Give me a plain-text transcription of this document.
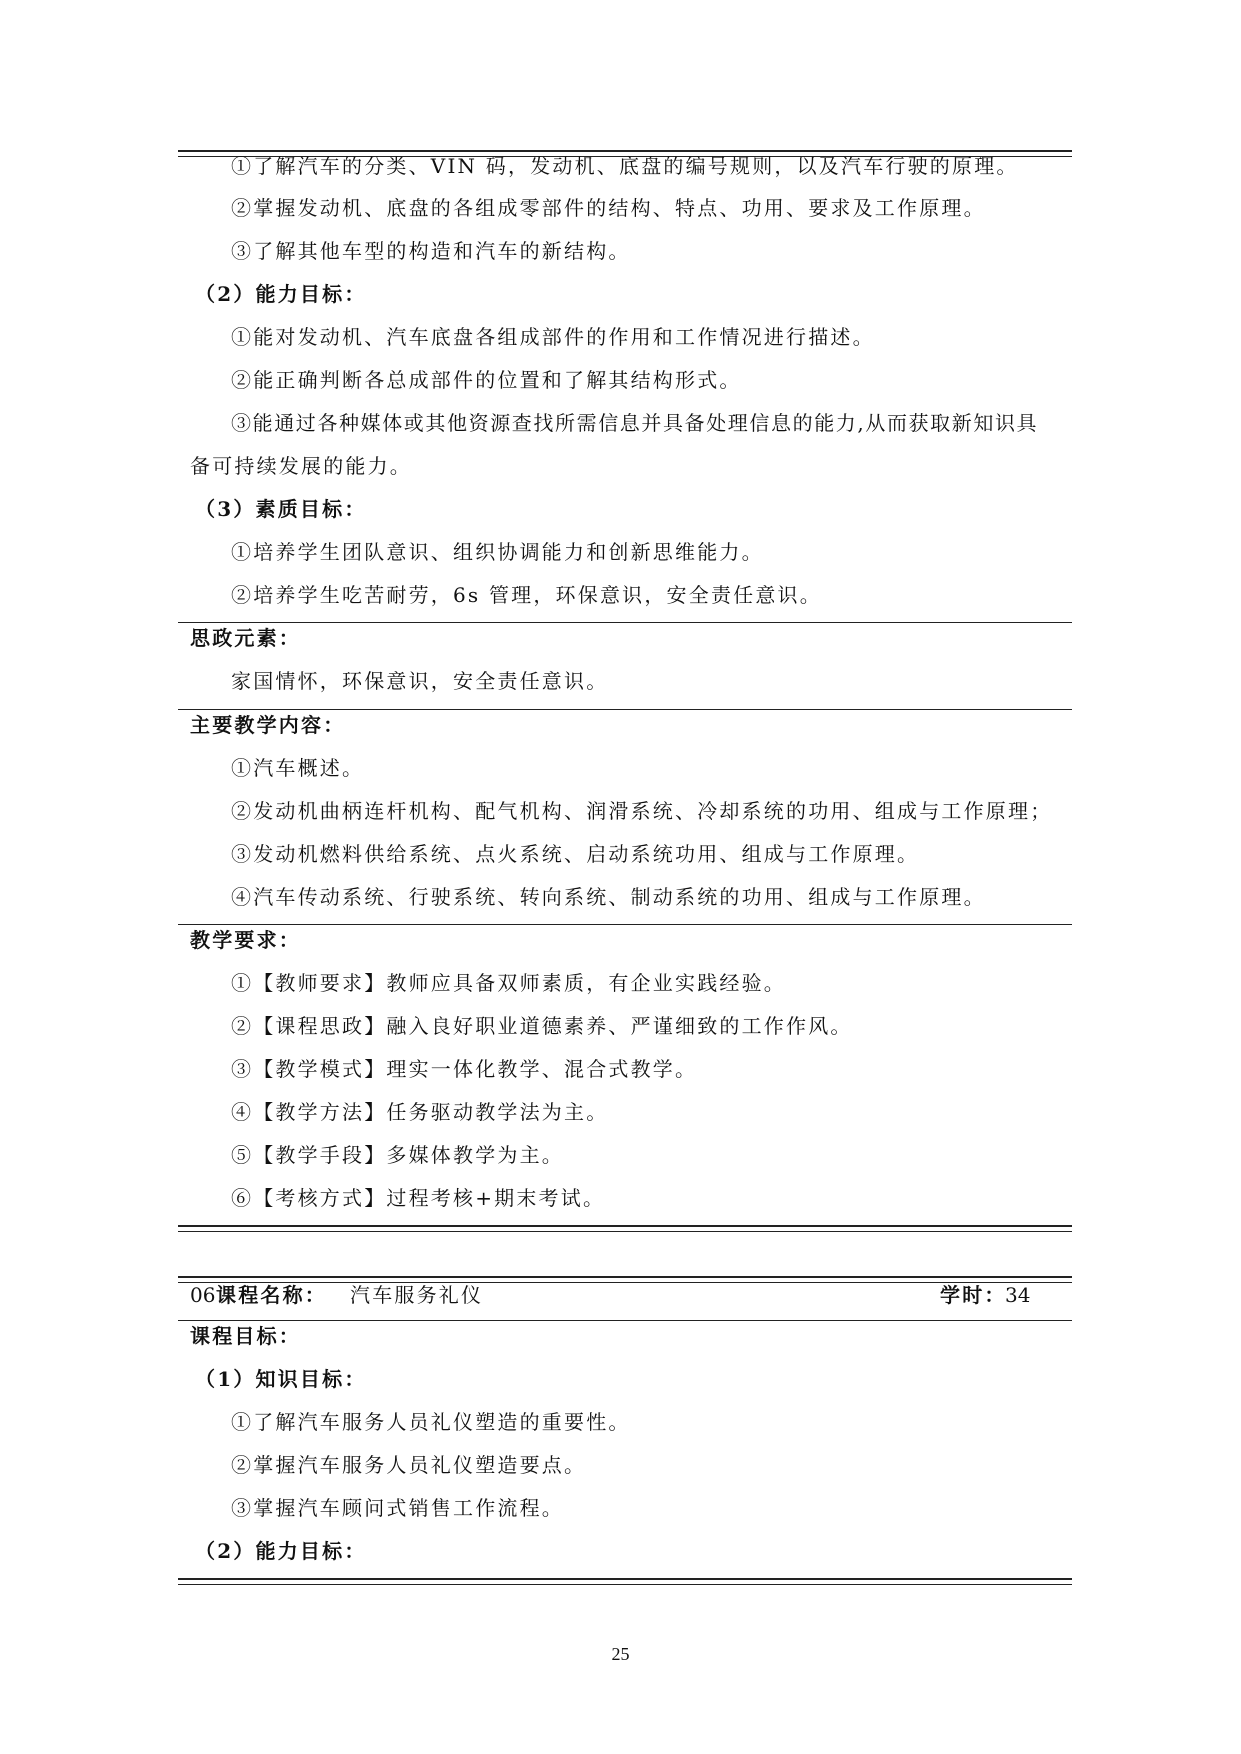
①了解汽车的分类、VIN 码，发动机、底盘的编号规则，以及汽车行驶的原理。
②掌握发动机、底盘的各组成零部件的结构、特点、功用、要求及工作原理。
③了解其他车型的构造和汽车的新结构。
（2）能力目标：
①能对发动机、汽车底盘各组成部件的作用和工作情况进行描述。
②能正确判断各总成部件的位置和了解其结构形式。
③能通过各种媒体或其他资源查找所需信息并具备处理信息的能力,从而获取新知识具
备可持续发展的能力。
（3）素质目标：
①培养学生团队意识、组织协调能力和创新思维能力。
②培养学生吃苦耐劳，6s 管理，环保意识，安全责任意识。
思政元素：
家国情怀，环保意识，安全责任意识。
主要教学内容：
①汽车概述。
②发动机曲柄连杆机构、配气机构、润滑系统、冷却系统的功用、组成与工作原理；
③发动机燃料供给系统、点火系统、启动系统功用、组成与工作原理。
④汽车传动系统、行驶系统、转向系统、制动系统的功用、组成与工作原理。
教学要求：
①【教师要求】教师应具备双师素质，有企业实践经验。
②【课程思政】融入良好职业道德素养、严谨细致的工作作风。
③【教学模式】理实一体化教学、混合式教学。
④【教学方法】任务驱动教学法为主。
⑤【教学手段】多媒体教学为主。
⑥【考核方式】过程考核+期末考试。
06 课程名称： 汽车服务礼仪	学时：
34
课程目标：
（1）知识目标：
①了解汽车服务人员礼仪塑造的重要性。
②掌握汽车服务人员礼仪塑造要点。
③掌握汽车顾问式销售工作流程。
（2）能力目标：
25
